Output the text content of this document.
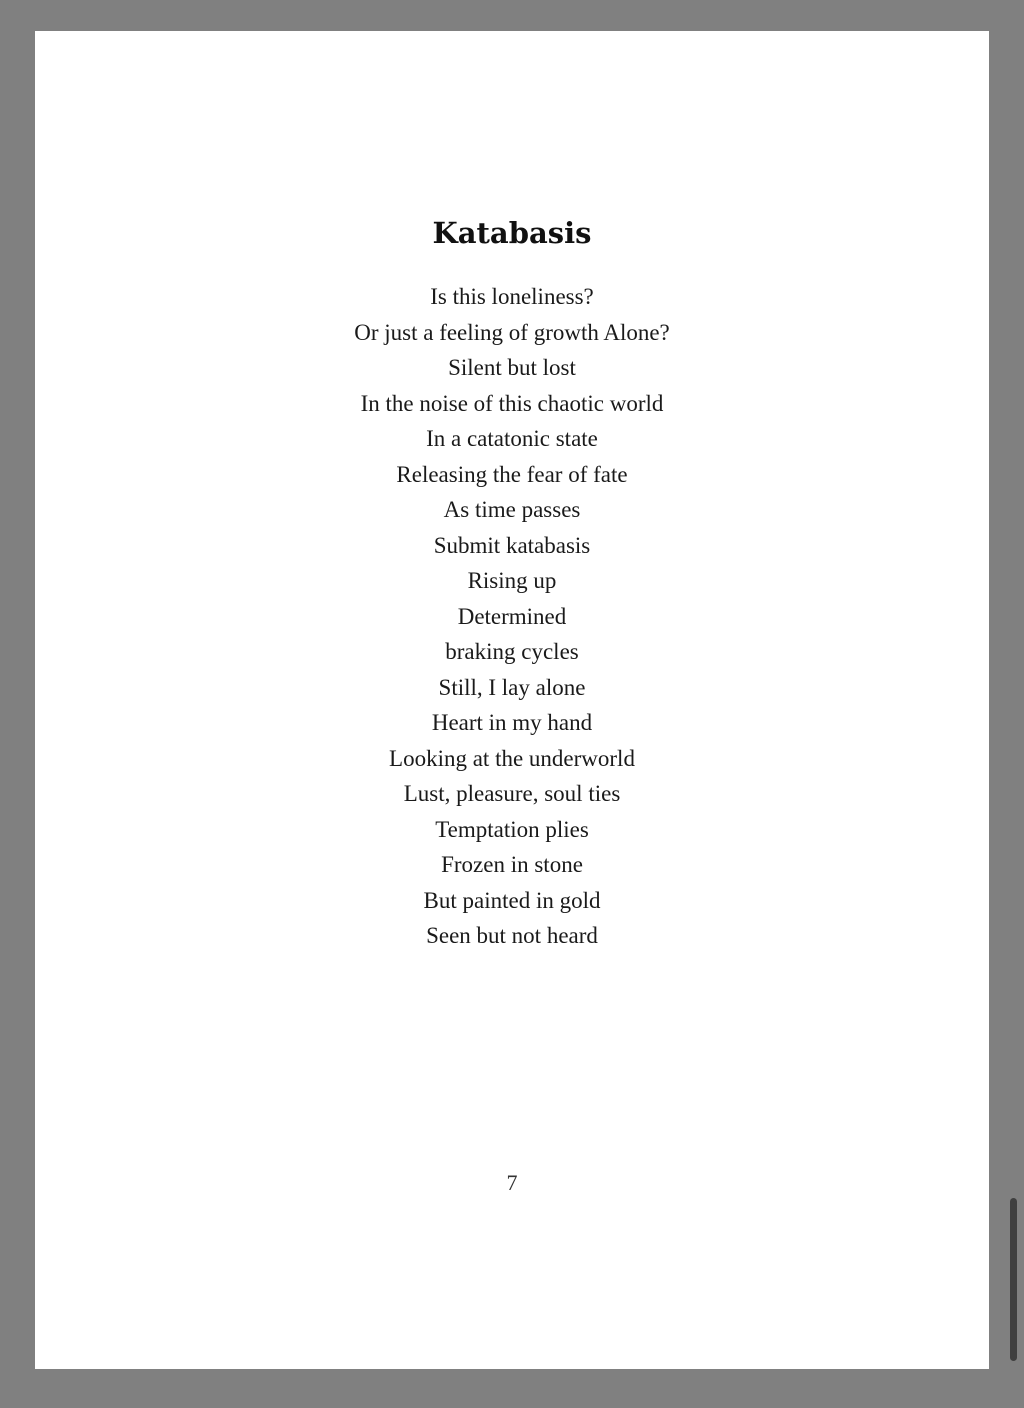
Katabasis
Is this loneliness?
Or just a feeling of growth Alone?
Silent but lost
In the noise of this chaotic world
In a catatonic state
Releasing the fear of fate
As time passes
Submit katabasis
Rising up
Determined
braking cycles
Still, I lay alone
Heart in my hand
Looking at the underworld
Lust, pleasure, soul ties
Temptation plies
Frozen in stone
But painted in gold
Seen but not heard
7
